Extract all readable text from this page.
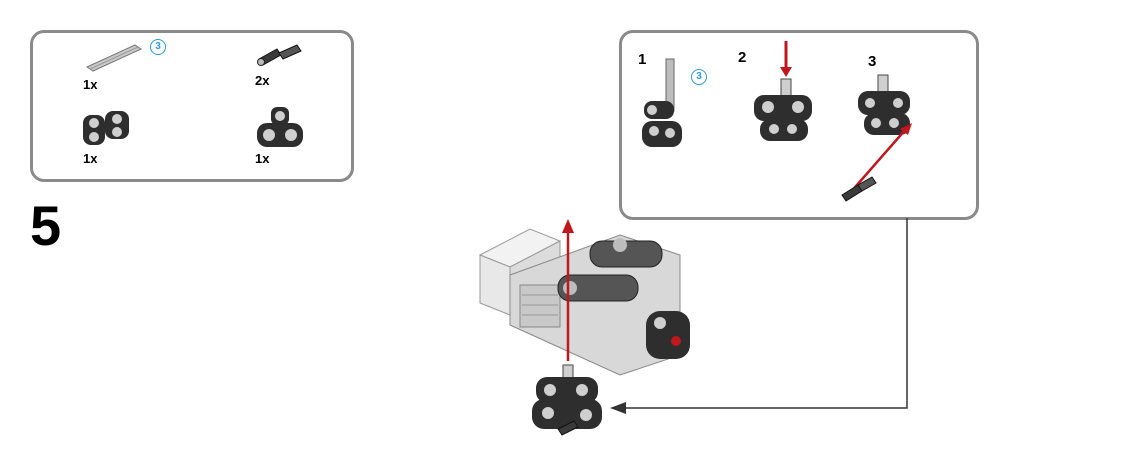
3
1x	2x
1x	1x
5
1
3
2	3
